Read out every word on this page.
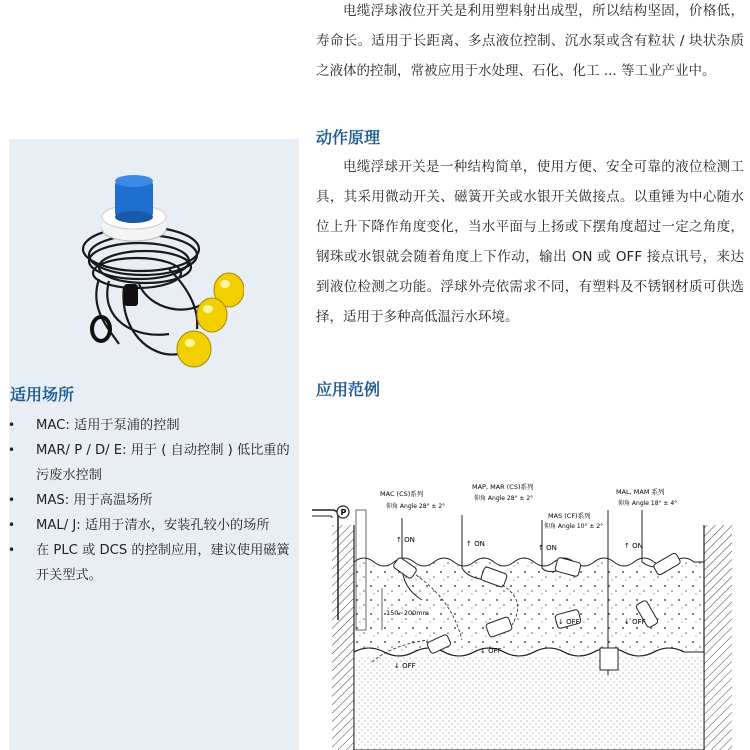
电缆浮球液位开关是利用塑料射出成型，所以结构坚固，价格低，寿命长。适用于长距离、多点液位控制、沉水泵或含有粒状 / 块状杂质之液体的控制，常被应用于水处理、石化、化工 ... 等工业产业中。

动作原理

电缆浮球开关是一种结构简单，使用方便、安全可靠的液位检测工具，其采用微动开关、磁簧开关或水银开关做接点。以重锤为中心随水位上升下降作角度变化，当水平面与上扬或下摆角度超过一定之角度，钢珠或水银就会随着角度上下作动，输出 ON 或 OFF 接点讯号，来达到液位检测之功能。浮球外壳依需求不同，有塑料及不锈钢材质可供选择，适用于多种高低温污水环境。

适用场所
• MAC: 适用于泵浦的控制
• MAR/ P / D/ E: 用于 ( 自动控制 ) 低比重的污废水控制
• MAS: 用于高温场所
• MAL/ J: 适用于清水，安装孔较小的场所
• 在 PLC 或 DCS 的控制应用，建议使用磁簧开关型式。
应用范例
P
MAC (CS)系列
仰角 Angle 28° ± 2°
↑ ON
↓ OFF
150~200mm
MAP, MAR (CS)系列
仰角 Angle 28° ± 2°
↑ ON
↓ OFF
MAS (CF)系列
仰角 Angle 10° ± 2°
↑ ON
↓ OFF
MAL, MAM 系列
仰角 Angle 18° ± 4°
↑ ON
↓ OFF
